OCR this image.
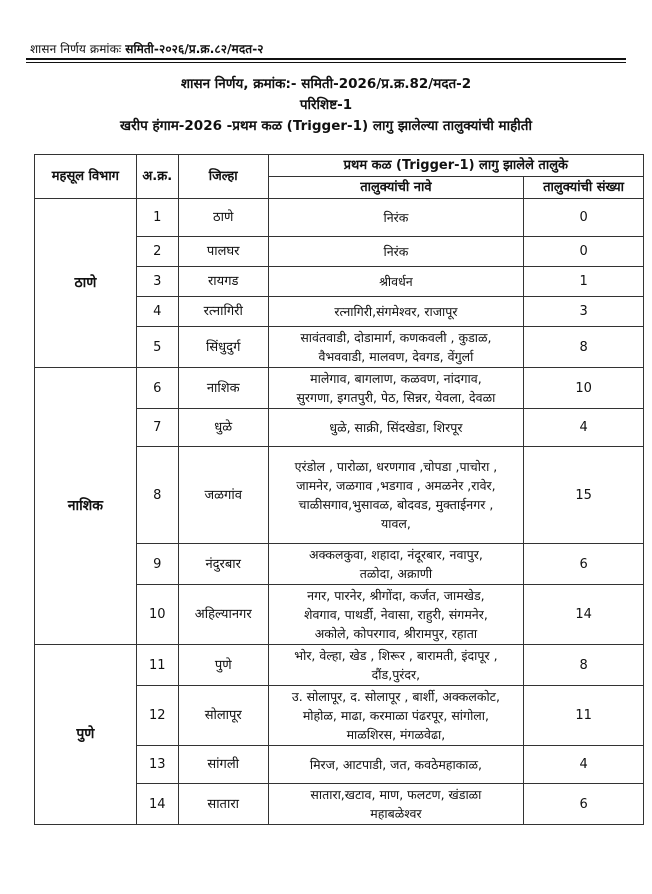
शासन निर्णय क्रमांकः समिती-२०२६/प्र.क्र.८२/मदत-२
शासन निर्णय, क्रमांक:- समिती-2026/प्र.क्र.82/मदत-2
परिशिष्ट-1
खरीप हंगाम-2026 -प्रथम कळ (Trigger-1) लागु झालेल्या तालुक्यांची माहीती
महसूल विभाग	अ.क्र.	जिल्हा	प्रथम कळ (Trigger-1) लागु झालेले तालुके	
			तालुक्यांची नावे	तालुक्यांची संख्या
ठाणे	1	ठाणे	निरंक	0
	2	पालघर	निरंक	0
	3	रायगड	श्रीवर्धन	1
	4	रत्नागिरी	रत्नागिरी,संगमेश्वर, राजापूर	3
	5	सिंधुदुर्ग	सावंतवाडी, दोडामार्ग, कणकवली , कुडाळ,
वैभववाडी, मालवण, देवगड, वेंगुर्ला	8
नाशिक	6	नाशिक	मालेगाव, बागलाण, कळवण, नांदगाव,
सुरगणा, इगतपुरी, पेठ, सिन्नर, येवला, देवळा	10
	7	धुळे	धुळे, साक्री, सिंदखेडा, शिरपूर	4
	8	जळगांव	एरंडोल , पारोळा, धरणगाव ,चोपडा ,पाचोरा ,
जामनेर, जळगाव ,भडगाव , अमळनेर ,रावेर,
चाळीसगाव,भुसावळ, बोदवड, मुक्ताईनगर ,
यावल,	15
	9	नंदुरबार	अक्कलकुवा, शहादा, नंदूरबार, नवापुर,
तळोदा, अक्राणी	6
	10	अहिल्यानगर	नगर, पारनेर, श्रीगोंदा, कर्जत, जामखेड,
शेवगाव, पाथर्डी, नेवासा, राहुरी, संगमनेर,
अकोले, कोपरगाव, श्रीरामपुर, रहाता	14
पुणे	11	पुणे	भोर, वेल्हा, खेड , शिरूर , बारामती, इंदापूर ,
दौंड,पुरंदर,	8
	12	सोलापूर	उ. सोलापूर, द. सोलापूर , बार्शी, अक्कलकोट,
मोहोळ, माढा, करमाळा पंढरपूर, सांगोला,
माळशिरस, मंगळवेढा,	11
	13	सांगली	मिरज, आटपाडी, जत, कवठेमहाकाळ,	4
	14	सातारा	सातारा,खटाव, माण, फलटण, खंडाळा
महाबळेश्वर	6
